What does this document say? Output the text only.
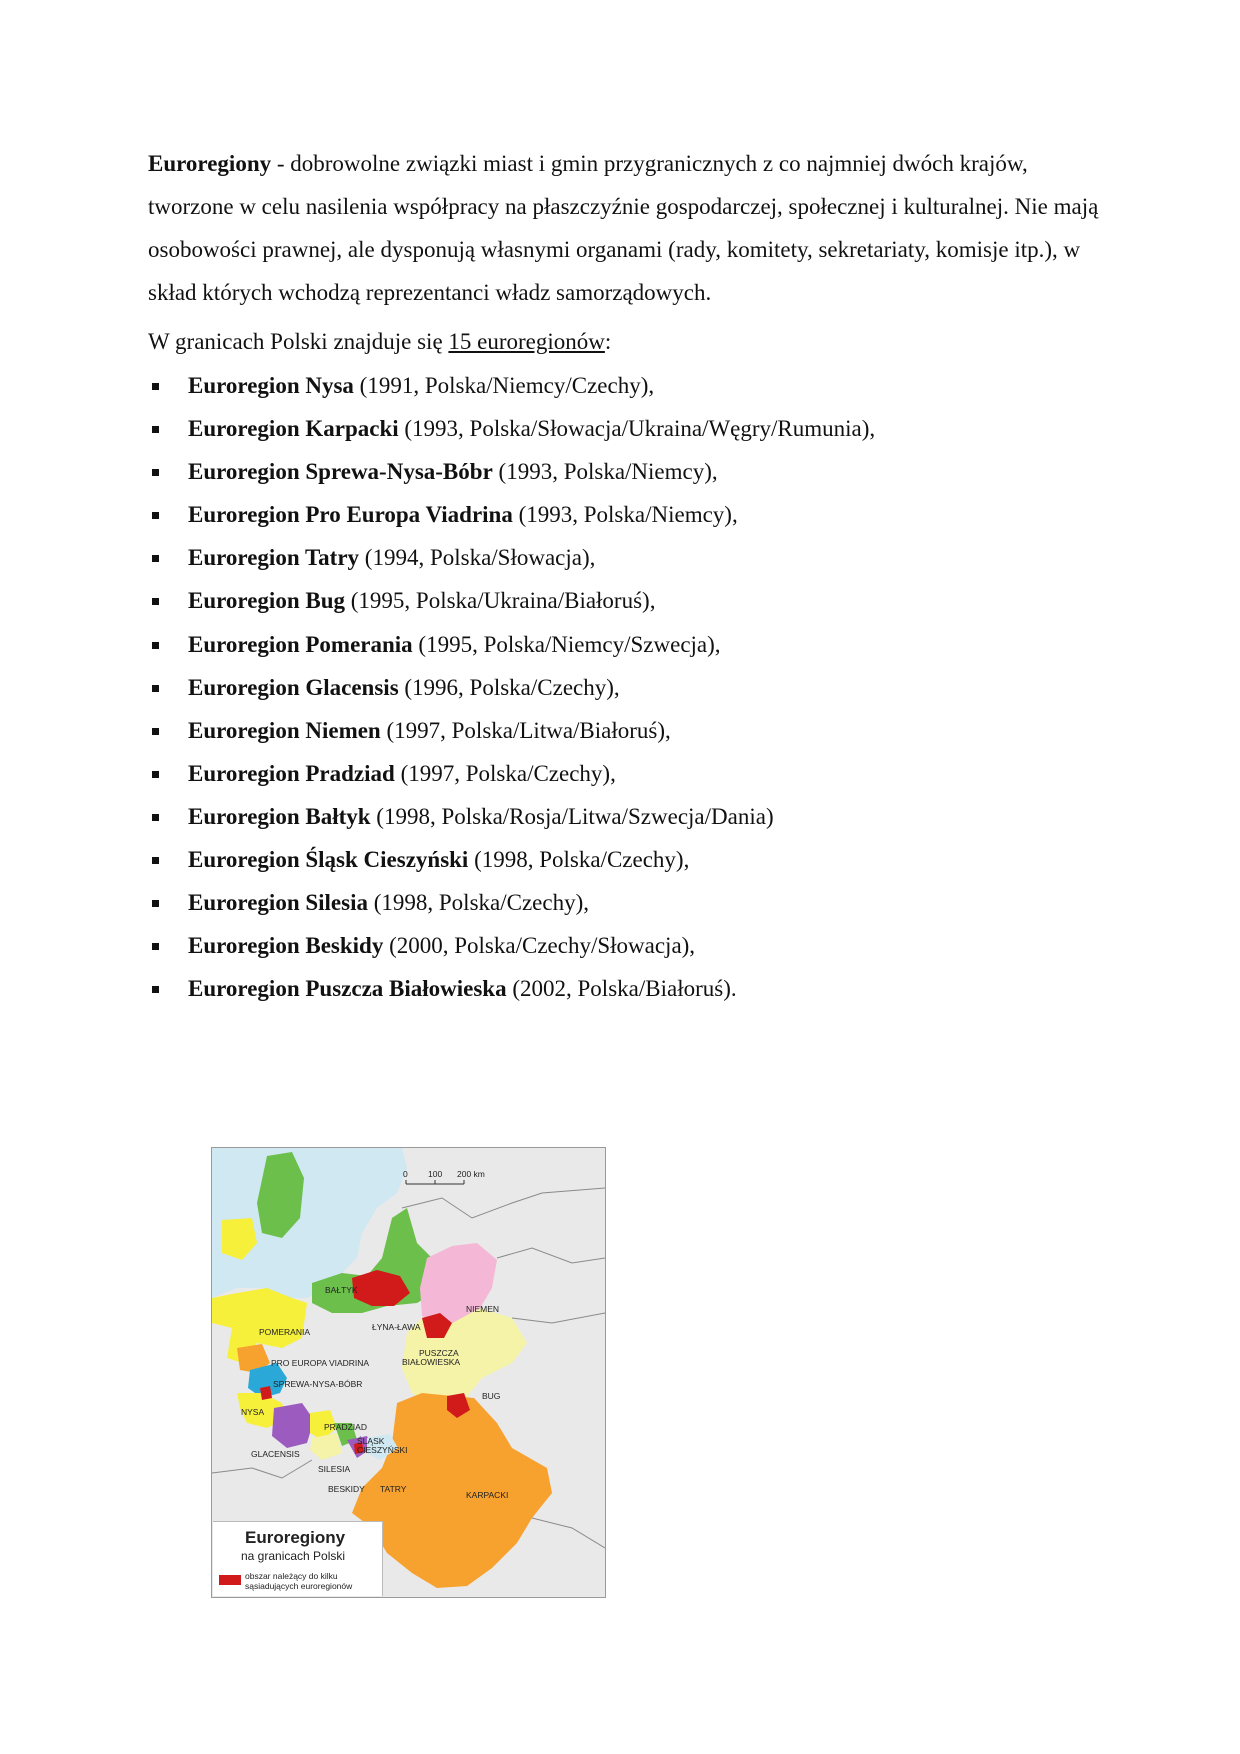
Euroregiony - dobrowolne związki miast i gmin przygranicznych z co najmniej dwóch krajów, tworzone w celu nasilenia współpracy na płaszczyźnie gospodarczej, społecznej i kulturalnej. Nie mają osobowości prawnej, ale dysponują własnymi organami (rady, komitety, sekretariaty, komisje itp.), w skład których wchodzą reprezentanci władz samorządowych.

W granicach Polski znajduje się 15 euroregionów:

Euroregion Nysa (1991, Polska/Niemcy/Czechy),
Euroregion Karpacki (1993, Polska/Słowacja/Ukraina/Węgry/Rumunia),
Euroregion Sprewa-Nysa-Bóbr (1993, Polska/Niemcy),
Euroregion Pro Europa Viadrina (1993, Polska/Niemcy),
Euroregion Tatry (1994, Polska/Słowacja),
Euroregion Bug (1995, Polska/Ukraina/Białoruś),
Euroregion Pomerania (1995, Polska/Niemcy/Szwecja),
Euroregion Glacensis (1996, Polska/Czechy),
Euroregion Niemen (1997, Polska/Litwa/Białoruś),
Euroregion Pradziad (1997, Polska/Czechy),
Euroregion Bałtyk (1998, Polska/Rosja/Litwa/Szwecja/Dania)
Euroregion Śląsk Cieszyński (1998, Polska/Czechy),
Euroregion Silesia (1998, Polska/Czechy),
Euroregion Beskidy (2000, Polska/Czechy/Słowacja),
Euroregion Puszcza Białowieska (2002, Polska/Białoruś).
0 100 200 km
BAŁTYK
POMERANIA	ŁYNA-ŁAWA
NIEMEN
PRO EUROPA VIADRINA
PUSZCZA
BIAŁOWIESKA
SPREWA-NYSA-BÓBR
BUG
NYSA
PRADZIAD
ŚLĄSK
CIESZYŃSKI
GLACENSIS
SILESIA
BESKIDY TATRY
KARPACKI
Euroregiony
na granicach Polski
obszar należący do kilku sąsiadujących euroregionów
